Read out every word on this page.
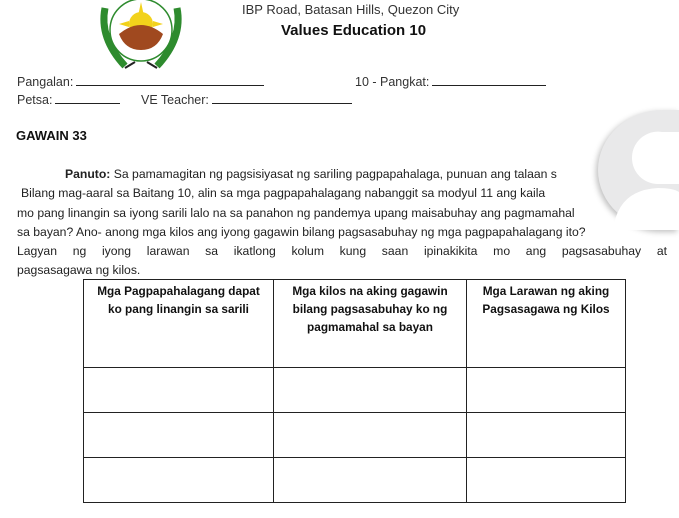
IBP Road, Batasan Hills, Quezon City
Values Education 10
Pangalan:	10 - Pangkat:
Petsa:	VE Teacher:
GAWAIN 33
Panuto: Sa pamamagitan ng pagsisiyasat ng sariling pagpapahalaga, punuan ang talaan s
Bilang mag-aaral sa Baitang 10, alin sa mga pagpapahalagang nabanggit sa modyul 11 ang kaila
mo pang linangin sa iyong sarili lalo na sa panahon ng pandemya upang maisabuhay ang pagmamahal
sa bayan? Ano- anong mga kilos ang iyong gagawin bilang pagsasabuhay ng mga pagpapahalagang ito?
Lagyan ng iyong larawan sa ikatlong kolum kung saan ipinakikita mo ang pagsasabuhay at
pagsasagawa ng kilos.
Mga Pagpapahalagang dapat ko pang linangin sa sarili	Mga kilos na aking gagawin bilang pagsasabuhay ko ng pagmamahal sa bayan	Mga Larawan ng aking Pagsasagawa ng Kilos
